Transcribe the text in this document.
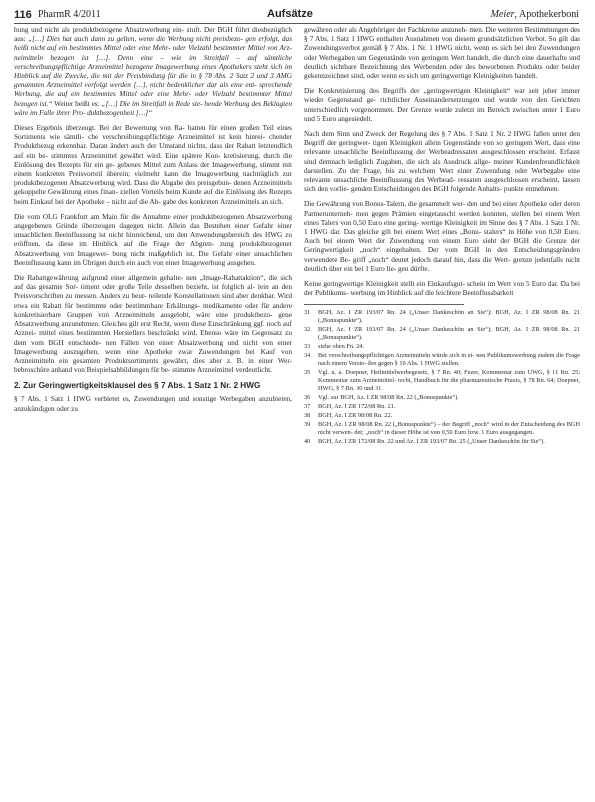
116 PharmR 4/2011	Aufsätze	Meier, Apothekerboni

bung und nicht als produktbezogene Absatzwerbung ein- stuft. Der BGH führt diesbezüglich aus: „[…] Dies hat auch dann zu gelten, wenn die Werbung nicht preisbezo- gen erfolgt, das heißt nicht auf ein bestimmtes Mittel oder eine Mehr- oder Vielzahl bestimmter Mittel von Arz- neimitteln bezogen ist […]. Denn eine – wie im Streitfall – auf sämtliche verschreibungspflichtige Arzneimittel bezogene Imagewerbung eines Apothekers steht sich im Hinblick auf die Zwecke, die mit der Preisbindung für die in § 78 Abs. 2 Satz 2 und 3 AMG genannten Arzneimittel verfolgt werden […], nicht bedenklicher dar als eine ent- sprechende Werbung, die auf ein bestimmtes Mittel oder eine Mehr- oder Vielzahl bestimmter Mittel bezogen ist.“ Weiter heißt es: „[…] Die im Streitfall in Rede ste- hende Werbung des Beklagten wäre im Falle ihrer Pro- duktbezogenheit […]“

Dieses Ergebnis überzeugt. Bei der Bewertung von Ra- batten für einen großen Teil eines Sortiments wie sämtli- che verschreibungspflichtige Arzneimittel ist kein hinrei- chender Produktbezug erkennbar. Daran ändert auch der Umstand nichts, dass der Rabatt letztendlich auf ein be- stimmtes Arzneimittel gewährt wird. Eine spätere Kon- kretisierung, durch die Einlösung des Rezepts für ein ge- gebenes Mittel zum Anlass der Imagewerbung, stimmt mit einem konkreten Preisvorteil überein; vielmehr kann die Imagewerbung nachträglich zur produktbezogenen Absatzwerbung wird. Dass die Abgabe des preisgebun- denen Arzneimittels gekoppelte Gewährung eines finan- ziellen Vorteils beim Kunde auf die Einlösung des Rezepts beim Einkauf bei der Apotheke – nicht auf die Ab- gabe des konkreten Arzneimittels an sich.

Die vom OLG Frankfurt am Main für die Annahme einer produktbezogenen Absatzwerbung angegebenen Gründe überzeugen dagegen nicht. Allein das Bestehen einer Gefahr einer unsachlichen Beeinflussung ist nicht hinreichend, um den Anwendungsbereich des HWG zu eröffnen, da diese im Hinblick auf die Frage der Abgren- zung produktbezogener Absatzwerbung von Imagewer- bung nicht maßgeblich ist. Die Gefahr einer unsachlichen Beeinflussung kann im Übrigen durch ein auch von einer Imagewerbung ausgehen.

Die Rabattgewährung aufgrund einer allgemein gehalte- nen „Image-Rabattaktion“, die sich auf das gesamte Sor- timent oder große Teile desselben bezieht, ist folglich al- lein an den Preisvorschriften zu messen. Anders zu beur- teilende Konstellationen sind aber denkbar. Wird etwa ein Rabatt für bestimmte oder bestimmbare Erkältungs- medikamente oder für andere konkretisierbare Gruppen von Arzneimitteln ausgelobt, wäre eine produktbezo- gene Absatzwerbung anzunehmen. Gleiches gilt erst Recht, wenn diese Einschränkung ggf. noch auf Arznei- mittel eines bestimmten Herstellers beschränkt wird. Ebenso wäre im Gegensatz zu dem vom BGH entschiede- nen Fällen von einer Absatzwerbung und nicht von einer Imagewerbung auszugehen, wenn eine Apotheke zwar Zuwendungen bei Kauf von Arzneimitteln ein gesamten Produktsortiments gewährt, dies aber z. B. in einer Wer- bebroschüre anhand von Beispielsabbildungen für be- stimmte Arzneimittel verdeutlicht.

2. Zur Geringwertigkeitsklausel des § 7 Abs. 1 Satz 1 Nr. 2 HWG

§ 7 Abs. 1 Satz 1 HWG verbietet es, Zuwendungen und sonstige Werbegaben anzubieten, anzukündigen oder zu

gewähren oder als Angehöriger der Fachkreise anzuneh- men. Die weiteren Bestimmungen des § 7 Abs. 1 Satz 1 HWG enthalten Ausnahmen von diesem grundsätzlichen Verbot. So gilt das Zuwendungsverbot gemäß § 7 Abs. 1 Nr. 1 HWG nicht, wenn es sich bei den Zuwendungen oder Werbegaben um Gegenstände von geringem Wert handelt, die durch eine dauerhafte und deutlich sichtbare Bezeichnung des Werbenden oder des beworbenen Produkts oder beider gekennzeichnet sind, oder wenn es sich um geringwertige Kleinigkeiten handelt.

Die Konkretisierung des Begriffs der „geringwertigen Kleinigkeit“ war seit jeher immer wieder Gegenstand ge- richtlicher Auseinandersetzungen und wurde von den Gerichten unterschiedlich vorgenommen. Der Grenze wurde zuletzt im Bereich zwischen unter 1 Euro und 5 Euro angesiedelt.

Nach dem Sinn und Zweck der Regelung des § 7 Abs. 1 Satz 1 Nr. 2 HWG fallen unter den Begriff der geringwer- tigen Kleinigkeit allein Gegenstände von so geringem Wert, dass eine relevante unsachliche Beeinflussung der Werbeadressaten ausgeschlossen erscheint. Erfasst sind demnach lediglich Zugaben, die sich als Ausdruck allge- meiner Kundenfreundlichkeit darstellen. Zu der Frage, bis zu welchem Wert einer Zuwendung oder Werbegabe eine relevante unsachliche Beeinflussung des Werbead- ressaten ausgeschlossen erscheint, lassen sich den vorlie- genden Entscheidungen des BGH folgende Anhalts- punkte entnehmen.

Die Gewährung von Bonus-Talern, die gesammelt wer- den und bei einer Apotheke oder deren Partnerunterneh- men gegen Prämien eingetauscht werden konnten, stellen bei einem Wert eines Talers von 0,50 Euro eine gering- wertige Kleinigkeit im Sinne des § 7 Abs. 1 Satz 1 Nr. 1 HWG dar. Das gleiche gilt bei einem Wert eines „Bonu- stalers“ in Höhe von 0,50 Euro. Auch bei einem Wert der Zuwendung von einem Euro sieht der BGH die Grenze der Geringwertigkeit „noch“ eingehalten. Der vom BGH in den Entscheidungsgründen verwendete Be- griff „noch“ deutet jedoch darauf hin, dass die Wert- grenze jedenfalls nicht deutlich über ein bei 1 Euro lie- gen dürfte.

Keine geringwertige Kleinigkeit stellt ein Einkaufsgut- schein im Wert von 5 Euro dar. Da bei der Publikums- werbung im Hinblick auf die leichtere Beeinflussbarkeit

31	BGH, Az. I ZR 193/07 Rn. 24 („Unser Dankeschön an Sie“); BGH, Az. I ZR 98/08 Rn. 21 („Bonuspunkte“).
32	BGH, Az. I ZR 193/07 Rn. 24 („Unser Dankeschön an Sie“); BGH, Az. I ZR 98/08 Rn. 21 („Bonuspunkte“).
33	siehe oben Fn. 24.
34	Bei verschreibungspflichtigen Arzneimitteln würde sich in ei- nen Publikumswerbung zudem die Frage nach einem Versto- ßes gegen § 10 Abs. 1 HWG stellen.
35	Vgl. u. a. Doepner, Heilmittelwerbegesetz, § 7 Rn. 40; Fezer, Kommentar zum UWG, § 11 Rn. 25; Kommentar zum Arzneimittel- recht, Handbuch für die pharmazeutische Praxis, § 78 Rn. 64; Doepner, HWG, § 7 Rn. 30 und 31.
36	Vgl. zur BGH, Az. I ZR 98/08 Rn. 22 („Bonuspunkte“).
37	BGH, Az. I ZR 172/08 Rn. 21.
38	BGH, Az. I ZR 98/08 Rn. 22.
39	BGH, Az. I ZR 98/08 Rn. 22 („Bonuspunkte“) – der Begriff „noch“ wird in der Entscheidung des BGH nicht verwen- det; „noch“ in dieser Höhe ist von 0,50 Euro bzw. 1 Euro ausgegangen.
40	BGH, Az. I ZR 172/08 Rn. 22 und Az. I ZR 193/07 Rn. 25 („Unser Dankeschön für Sie“).
